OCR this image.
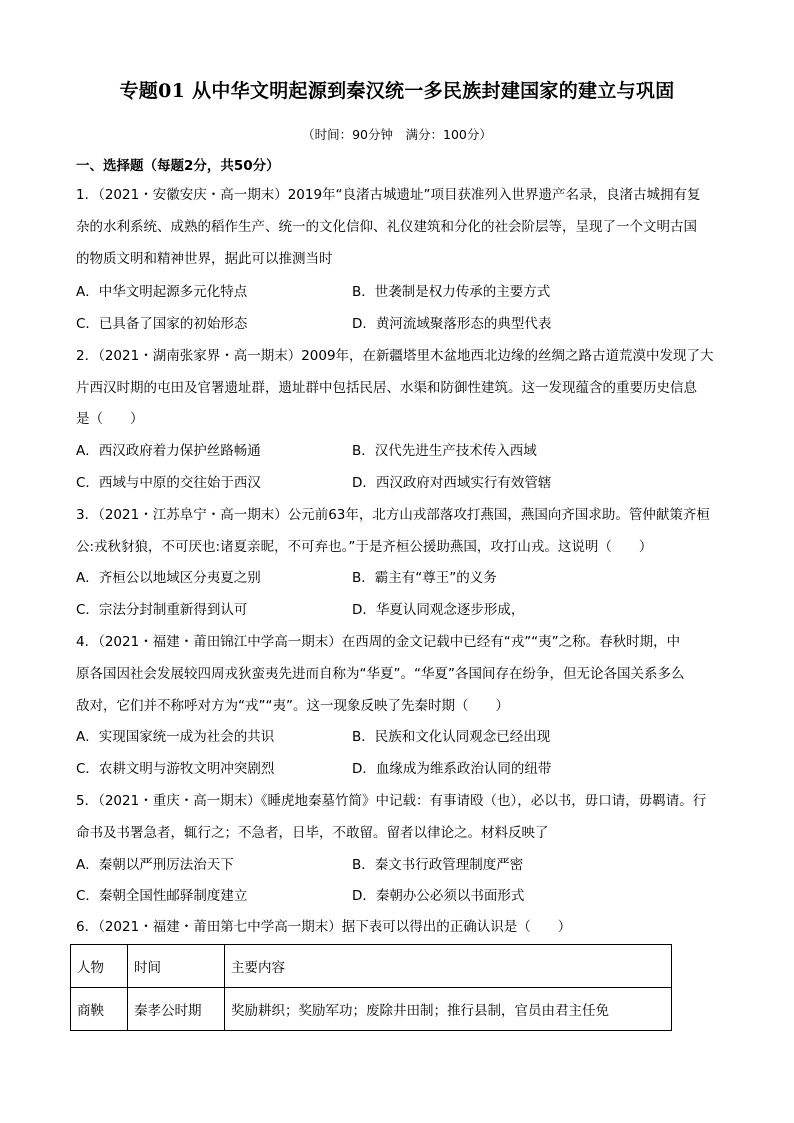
专题01 从中华文明起源到秦汉统一多民族封建国家的建立与巩固
（时间：90分钟　满分：100分）
一、选择题（每题2分，共50分）
1．（2021・安徽安庆・高一期末）2019年“良渚古城遗址”项目获准列入世界遗产名录，良渚古城拥有复
杂的水利系统、成熟的稻作生产、统一的文化信仰、礼仪建筑和分化的社会阶层等，呈现了一个文明古国
的物质文明和精神世界，据此可以推测当时
A．中华文明起源多元化特点	B．世袭制是权力传承的主要方式
C．已具备了国家的初始形态	D．黄河流域聚落形态的典型代表
2．（2021・湖南张家界・高一期末）2009年，在新疆塔里木盆地西北边缘的丝绸之路古道荒漠中发现了大
片西汉时期的屯田及官署遗址群，遗址群中包括民居、水渠和防御性建筑。这一发现蕴含的重要历史信息
是（　　）
A．西汉政府着力保护丝路畅通	B．汉代先进生产技术传入西域
C．西域与中原的交往始于西汉	D．西汉政府对西域实行有效管辖
3．（2021・江苏阜宁・高一期末）公元前63年，北方山戎部落攻打燕国，燕国向齐国求助。管仲献策齐桓
公:戎秋豺狼，不可厌也:诸夏亲昵，不可弃也。”于是齐桓公援助燕国，攻打山戎。这说明（　　）
A．齐桓公以地域区分夷夏之别	B．霸主有“尊王”的义务
C．宗法分封制重新得到认可	D．华夏认同观念逐步形成，
4．（2021・福建・莆田锦江中学高一期末）在西周的金文记载中已经有“戎”“夷”之称。春秋时期，中
原各国因社会发展较四周戎狄蛮夷先进而自称为“华夏”。“华夏”各国间存在纷争，但无论各国关系多么
敌对，它们并不称呼对方为“戎”“夷”。这一现象反映了先秦时期（　　）
A．实现国家统一成为社会的共识	B．民族和文化认同观念已经出现
C．农耕文明与游牧文明冲突剧烈	D．血缘成为维系政治认同的纽带
5．（2021・重庆・高一期末）《睡虎地秦墓竹简》中记载：有事请殴（也），必以书，毋口请，毋羁请。行
命书及书署急者，辄行之；不急者，日毕，不敢留。留者以律论之。材料反映了
A．秦朝以严刑厉法治天下	B．秦文书行政管理制度严密
C．秦朝全国性邮驿制度建立	D．秦朝办公必须以书面形式
6．（2021・福建・莆田第七中学高一期末）据下表可以得出的正确认识是（　　）
人物	时间	主要内容
商鞅	秦孝公时期	奖励耕织；奖励军功；废除井田制；推行县制，官员由君主任免
